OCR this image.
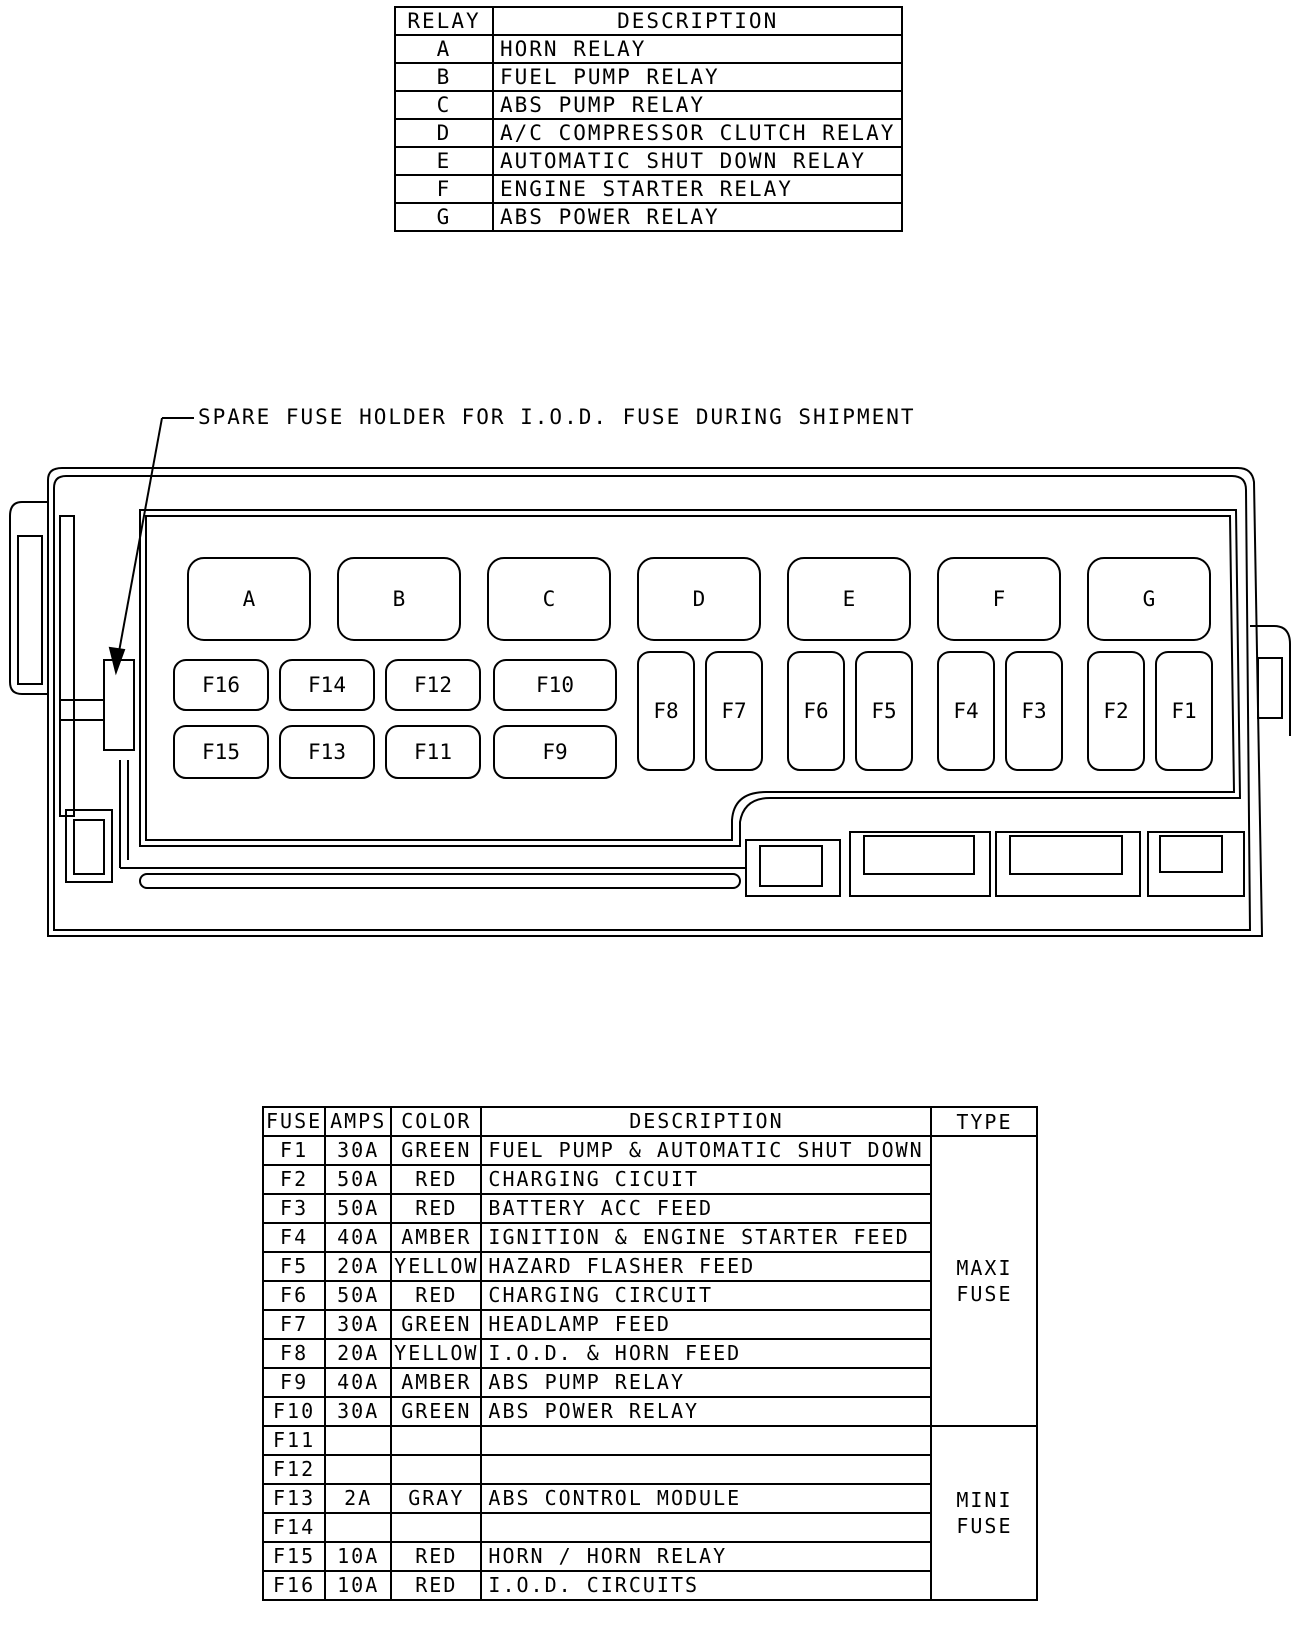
RELAY	DESCRIPTION
A	HORN RELAY
B	FUEL PUMP RELAY
C	ABS PUMP RELAY
D	A/C COMPRESSOR CLUTCH RELAY
E	AUTOMATIC SHUT DOWN RELAY
F	ENGINE STARTER RELAY
G	ABS POWER RELAY
SPARE FUSE HOLDER FOR I.O.D. FUSE DURING SHIPMENT
A	B	C	D	E	F	G
F16
F15
F14
F13
F12
F11
F10
F9
F8 F7	F6 F5	F4 F3	F2 F1
FUSE	AMPS	COLOR	DESCRIPTION	TYPE
F1	30A	GREEN	FUEL PUMP & AUTOMATIC SHUT DOWN	MAXI FUSE
F2	50A	RED	CHARGING CICUIT	
F3	50A	RED	BATTERY ACC FEED	
F4	40A	AMBER	IGNITION & ENGINE STARTER FEED	
F5	20A	YELLOW	HAZARD FLASHER FEED	
F6	50A	RED	CHARGING CIRCUIT	
F7	30A	GREEN	HEADLAMP FEED	
F8	20A	YELLOW	I.O.D. & HORN FEED	
F9	40A	AMBER	ABS PUMP RELAY	
F10	30A	GREEN	ABS POWER RELAY	
F11				MINI FUSE
F12				
F13	2A	GRAY	ABS CONTROL MODULE	
F14				
F15	10A	RED	HORN / HORN RELAY	
F16	10A	RED	I.O.D. CIRCUITS	
